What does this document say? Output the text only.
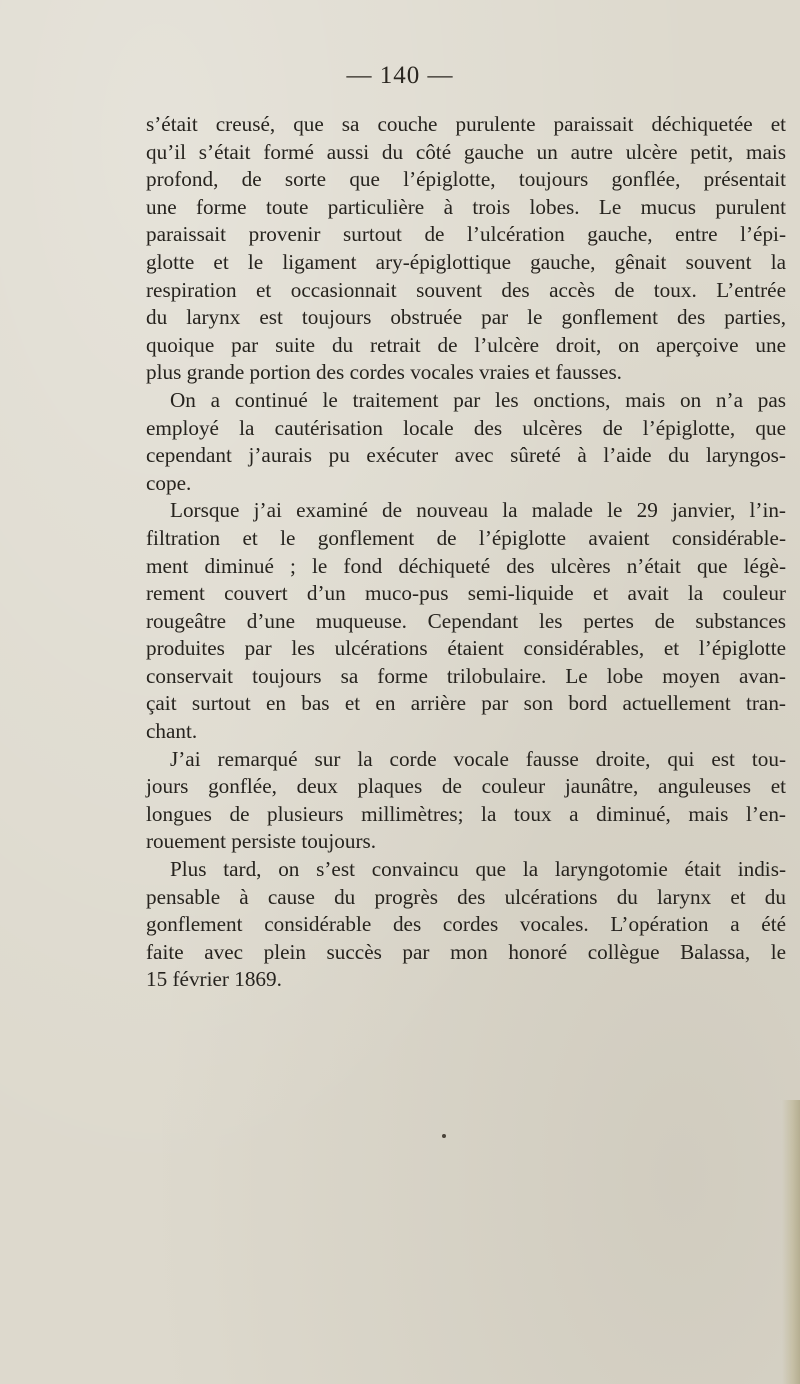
— 140 —
s’était creusé, que sa couche purulente paraissait déchiquetée et
qu’il s’était formé aussi du côté gauche un autre ulcère petit, mais
profond, de sorte que l’épiglotte, toujours gonflée, présentait
une forme toute particulière à trois lobes. Le mucus purulent
paraissait provenir surtout de l’ulcération gauche, entre l’épi-
glotte et le ligament ary-épiglottique gauche, gênait souvent la
respiration et occasionnait souvent des accès de toux. L’entrée
du larynx est toujours obstruée par le gonflement des parties,
quoique par suite du retrait de l’ulcère droit, on aperçoive une
plus grande portion des cordes vocales vraies et fausses.
On a continué le traitement par les onctions, mais on n’a pas
employé la cautérisation locale des ulcères de l’épiglotte, que
cependant j’aurais pu exécuter avec sûreté à l’aide du laryngos-
cope.
Lorsque j’ai examiné de nouveau la malade le 29 janvier, l’in-
filtration et le gonflement de l’épiglotte avaient considérable-
ment diminué ; le fond déchiqueté des ulcères n’était que légè-
rement couvert d’un muco-pus semi-liquide et avait la couleur
rougeâtre d’une muqueuse. Cependant les pertes de substances
produites par les ulcérations étaient considérables, et l’épiglotte
conservait toujours sa forme trilobulaire. Le lobe moyen avan-
çait surtout en bas et en arrière par son bord actuellement tran-
chant.
J’ai remarqué sur la corde vocale fausse droite, qui est tou-
jours gonflée, deux plaques de couleur jaunâtre, anguleuses et
longues de plusieurs millimètres; la toux a diminué, mais l’en-
rouement persiste toujours.
Plus tard, on s’est convaincu que la laryngotomie était indis-
pensable à cause du progrès des ulcérations du larynx et du
gonflement considérable des cordes vocales. L’opération a été
faite avec plein succès par mon honoré collègue Balassa, le
15 février 1869.
